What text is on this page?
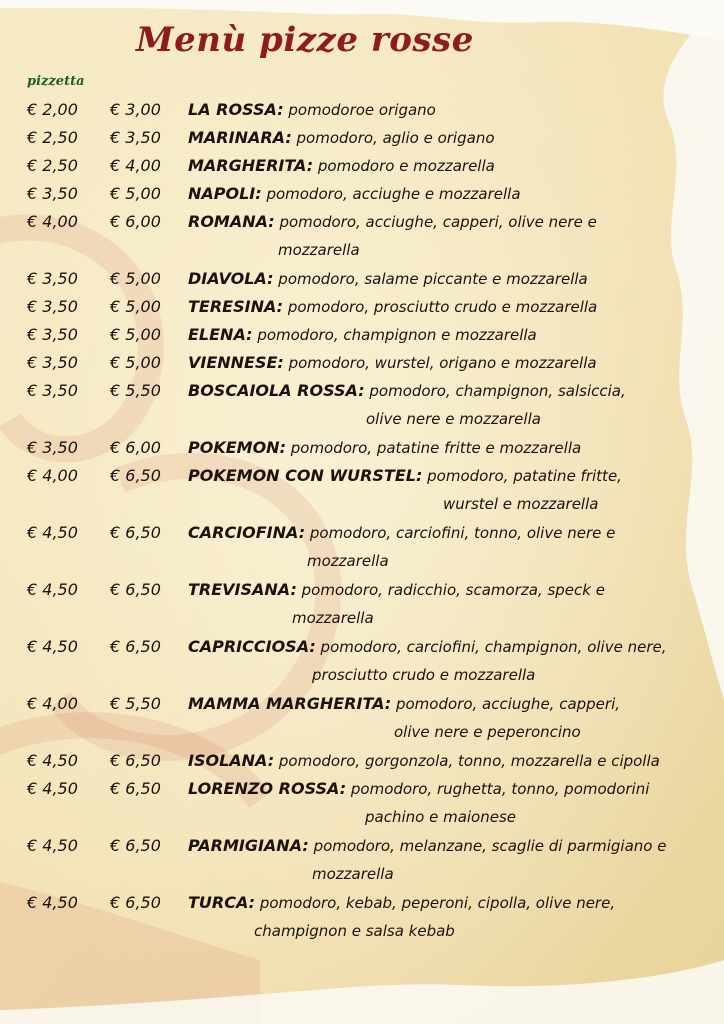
Menù pizze rosse
pizzetta
€ 2,00 € 3,00 LA ROSSA: pomodoroe origano
€ 2,50 € 3,50 MARINARA: pomodoro, aglio e origano
€ 2,50 € 4,00 MARGHERITA: pomodoro e mozzarella
€ 3,50 € 5,00 NAPOLI: pomodoro, acciughe e mozzarella
€ 4,00 € 6,00 ROMANA: pomodoro, acciughe, capperi, olive nere e
mozzarella
€ 3,50 € 5,00 DIAVOLA: pomodoro, salame piccante e mozzarella
€ 3,50 € 5,00 TERESINA: pomodoro, prosciutto crudo e mozzarella
€ 3,50 € 5,00 ELENA: pomodoro, champignon e mozzarella
€ 3,50 € 5,00 VIENNESE: pomodoro, wurstel, origano e mozzarella
€ 3,50 € 5,50 BOSCAIOLA ROSSA: pomodoro, champignon, salsiccia,
olive nere e mozzarella
€ 3,50 € 6,00 POKEMON: pomodoro, patatine fritte e mozzarella
€ 4,00 € 6,50 POKEMON CON WURSTEL: pomodoro, patatine fritte,
wurstel e mozzarella
€ 4,50 € 6,50 CARCIOFINA: pomodoro, carciofini, tonno, olive nere e
mozzarella
€ 4,50 € 6,50 TREVISANA: pomodoro, radicchio, scamorza, speck e
mozzarella
€ 4,50 € 6,50 CAPRICCIOSA: pomodoro, carciofini, champignon, olive nere,
prosciutto crudo e mozzarella
€ 4,00 € 5,50 MAMMA MARGHERITA: pomodoro, acciughe, capperi,
olive nere e peperoncino
€ 4,50 € 6,50 ISOLANA: pomodoro, gorgonzola, tonno, mozzarella e cipolla
€ 4,50 € 6,50 LORENZO ROSSA: pomodoro, rughetta, tonno, pomodorini
pachino e maionese
€ 4,50 € 6,50 PARMIGIANA: pomodoro, melanzane, scaglie di parmigiano e
mozzarella
€ 4,50 € 6,50 TURCA: pomodoro, kebab, peperoni, cipolla, olive nere,
champignon e salsa kebab
